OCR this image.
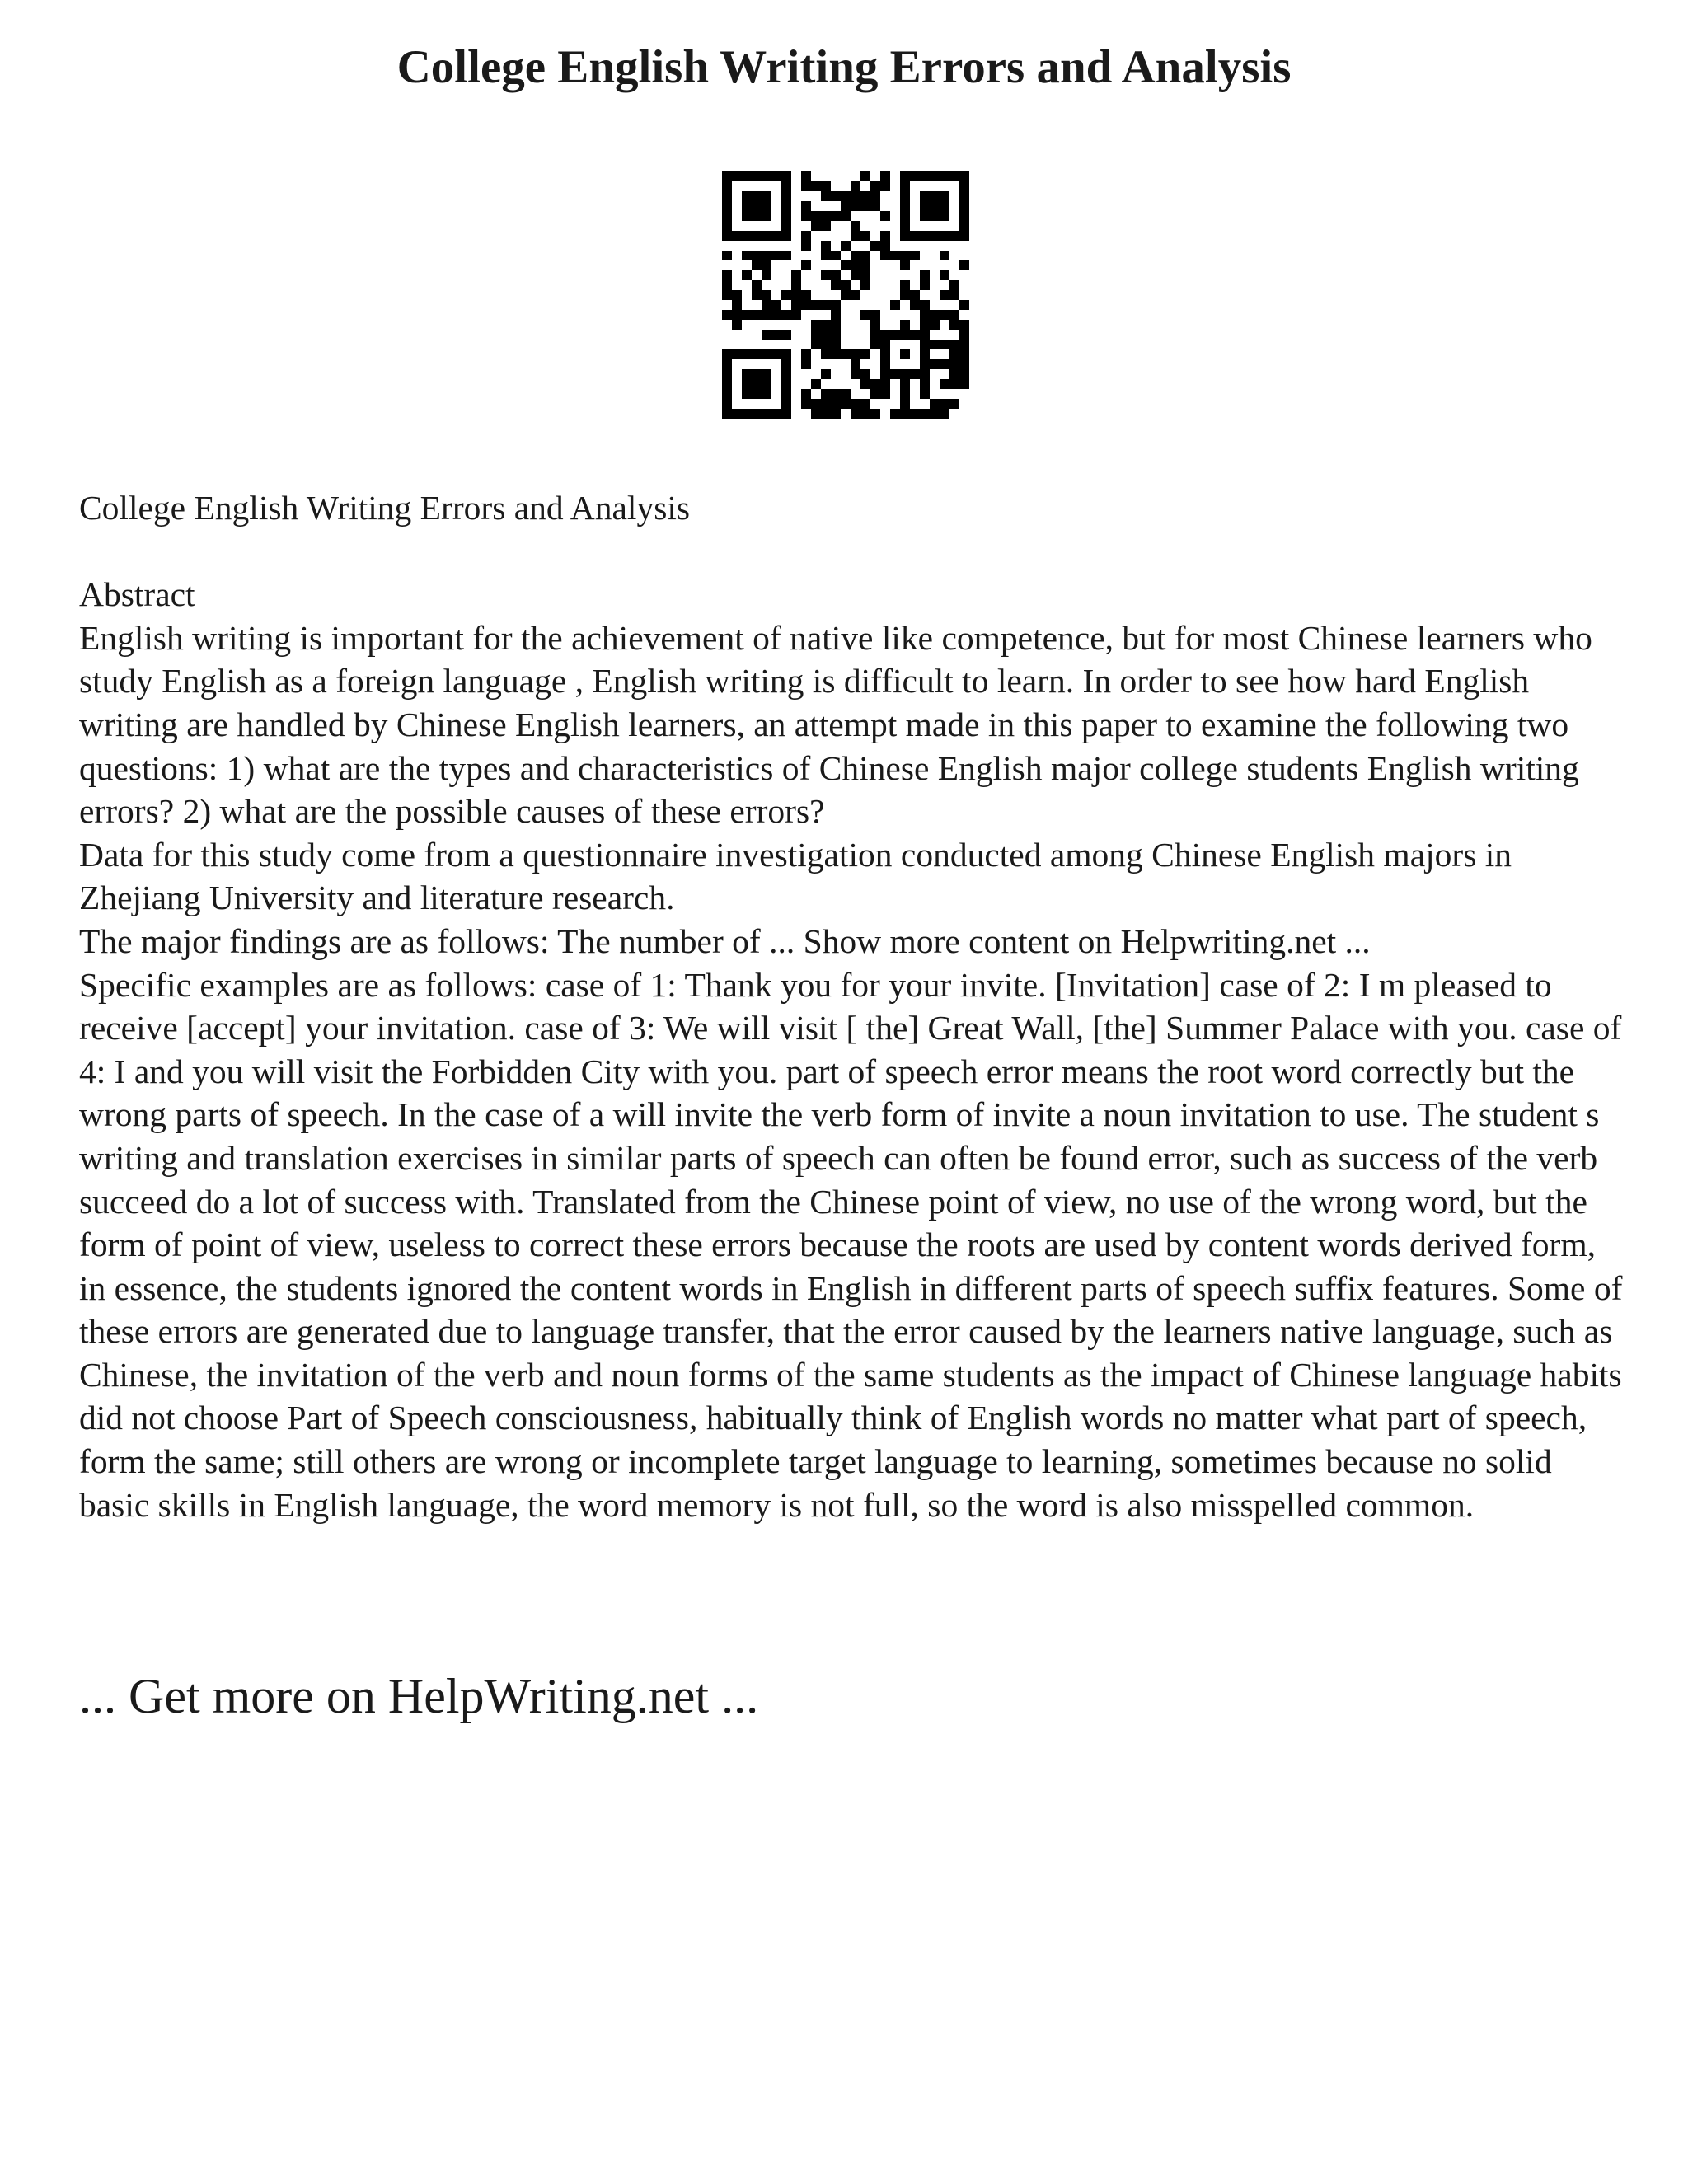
College English Writing Errors and Analysis

College English Writing Errors and Analysis

Abstract

English writing is important for the achievement of native like competence, but for most Chinese learners who study English as a foreign language , English writing is difficult to learn. In order to see how hard English writing are handled by Chinese English learners, an attempt made in this paper to examine the following two questions: 1) what are the types and characteristics of Chinese English major college students English writing errors? 2) what are the possible causes of these errors?

Data for this study come from a questionnaire investigation conducted among Chinese English majors in Zhejiang University and literature research.

The major findings are as follows: The number of ... Show more content on Helpwriting.net ...

Specific examples are as follows: case of 1: Thank you for your invite. [Invitation] case of 2: I m pleased to receive [accept] your invitation. case of 3: We will visit [ the] Great Wall, [the] Summer Palace with you. case of 4: I and you will visit the Forbidden City with you. part of speech error means the root word correctly but the wrong parts of speech. In the case of a will invite the verb form of invite a noun invitation to use. The student s writing and translation exercises in similar parts of speech can often be found error, such as success of the verb succeed do a lot of success with. Translated from the Chinese point of view, no use of the wrong word, but the form of point of view, useless to correct these errors because the roots are used by content words derived form, in essence, the students ignored the content words in English in different parts of speech suffix features. Some of these errors are generated due to language transfer, that the error caused by the learners native language, such as Chinese, the invitation of the verb and noun forms of the same students as the impact of Chinese language habits did not choose Part of Speech consciousness, habitually think of English words no matter what part of speech, form the same; still others are wrong or incomplete target language to learning, sometimes because no solid basic skills in English language, the word memory is not full, so the word is also misspelled common.

... Get more on HelpWriting.net ...
